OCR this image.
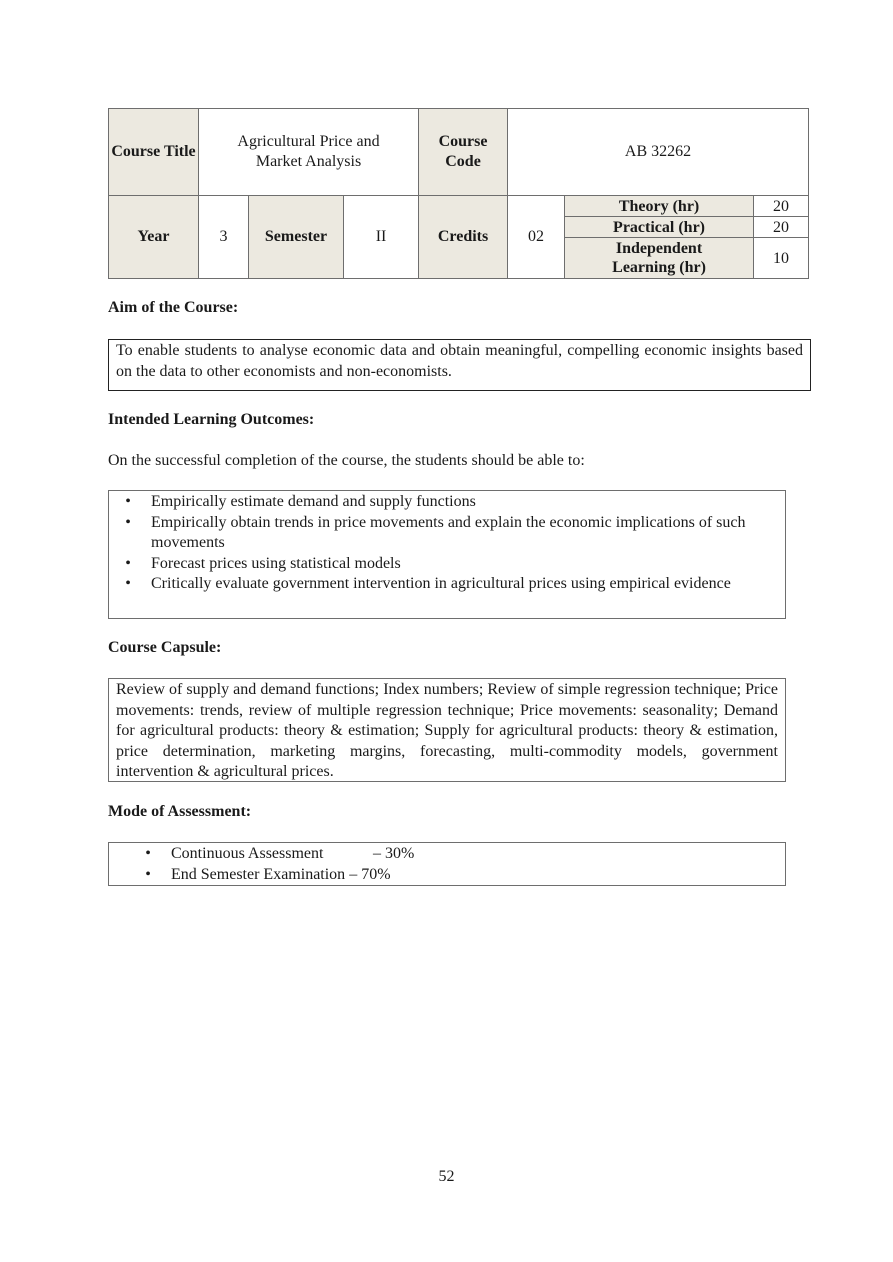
Course Title	Agricultural Price and Market Analysis			Course Code	AB 32262		
Year	3	Semester	II	Credits	02	Theory (hr)	20
						Practical (hr)	20
						Independent Learning (hr)	10
Aim of the Course:
To enable students to analyse economic data and obtain meaningful, compelling economic insights based on the data to other economists and non-economists.
Intended Learning Outcomes:
On the successful completion of the course, the students should be able to:
• Empirically estimate demand and supply functions
• Empirically obtain trends in price movements and explain the economic implications of such movements
• Forecast prices using statistical models
• Critically evaluate government intervention in agricultural prices using empirical evidence
Course Capsule:
Review of supply and demand functions; Index numbers; Review of simple regression technique; Price movements: trends, review of multiple regression technique; Price movements: seasonality; Demand for agricultural products: theory & estimation; Supply for agricultural products: theory & estimation, price determination, marketing margins, forecasting, multi-commodity models, government intervention & agricultural prices.
Mode of Assessment:
• Continuous Assessment	– 30%
• End Semester Examination – 70%
52
